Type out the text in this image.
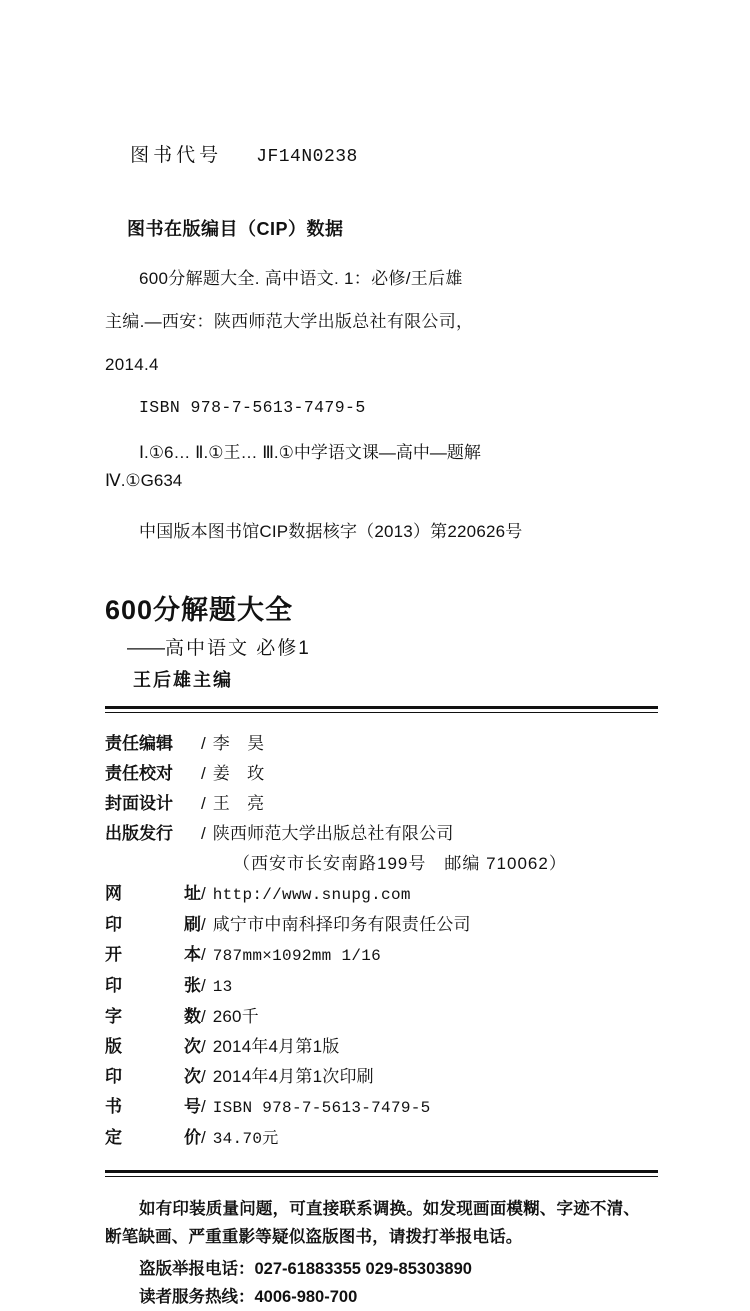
图书代号 JF14N0238

图书在版编目（CIP）数据

600分解题大全. 高中语文. 1：必修/王后雄

主编.—西安：陕西师范大学出版总社有限公司，

2014.4

ISBN 978-7-5613-7479-5

Ⅰ.①6… Ⅱ.①王… Ⅲ.①中学语文课—高中—题解
Ⅳ.①G634
中国版本图书馆CIP数据核字（2013）第220626号
600分解题大全
——高中语文 必修1
王后雄主编
责任编辑	/ 李　昊
责任校对	/ 姜　玫
封面设计	/ 王　亮
出版发行	/ 陕西师范大学出版总社有限公司
（西安市长安南路199号　邮编 710062）
网	址 / http://www.snupg.com
印	刷 / 咸宁市中南科择印务有限责任公司
开	本 / 787mm×1092mm 1/16
印	张 / 13
字	数 / 260千
版	次 / 2014年4月第1版
印	次 / 2014年4月第1次印刷
书	号 / ISBN 978-7-5613-7479-5
定	价 / 34.70元

如有印装质量问题，可直接联系调换。如发现画面模糊、字迹不清、

断笔缺画、严重重影等疑似盗版图书，请拨打举报电话。

盗版举报电话：027-61883355 029-85303890

读者服务热线：4006-980-700
